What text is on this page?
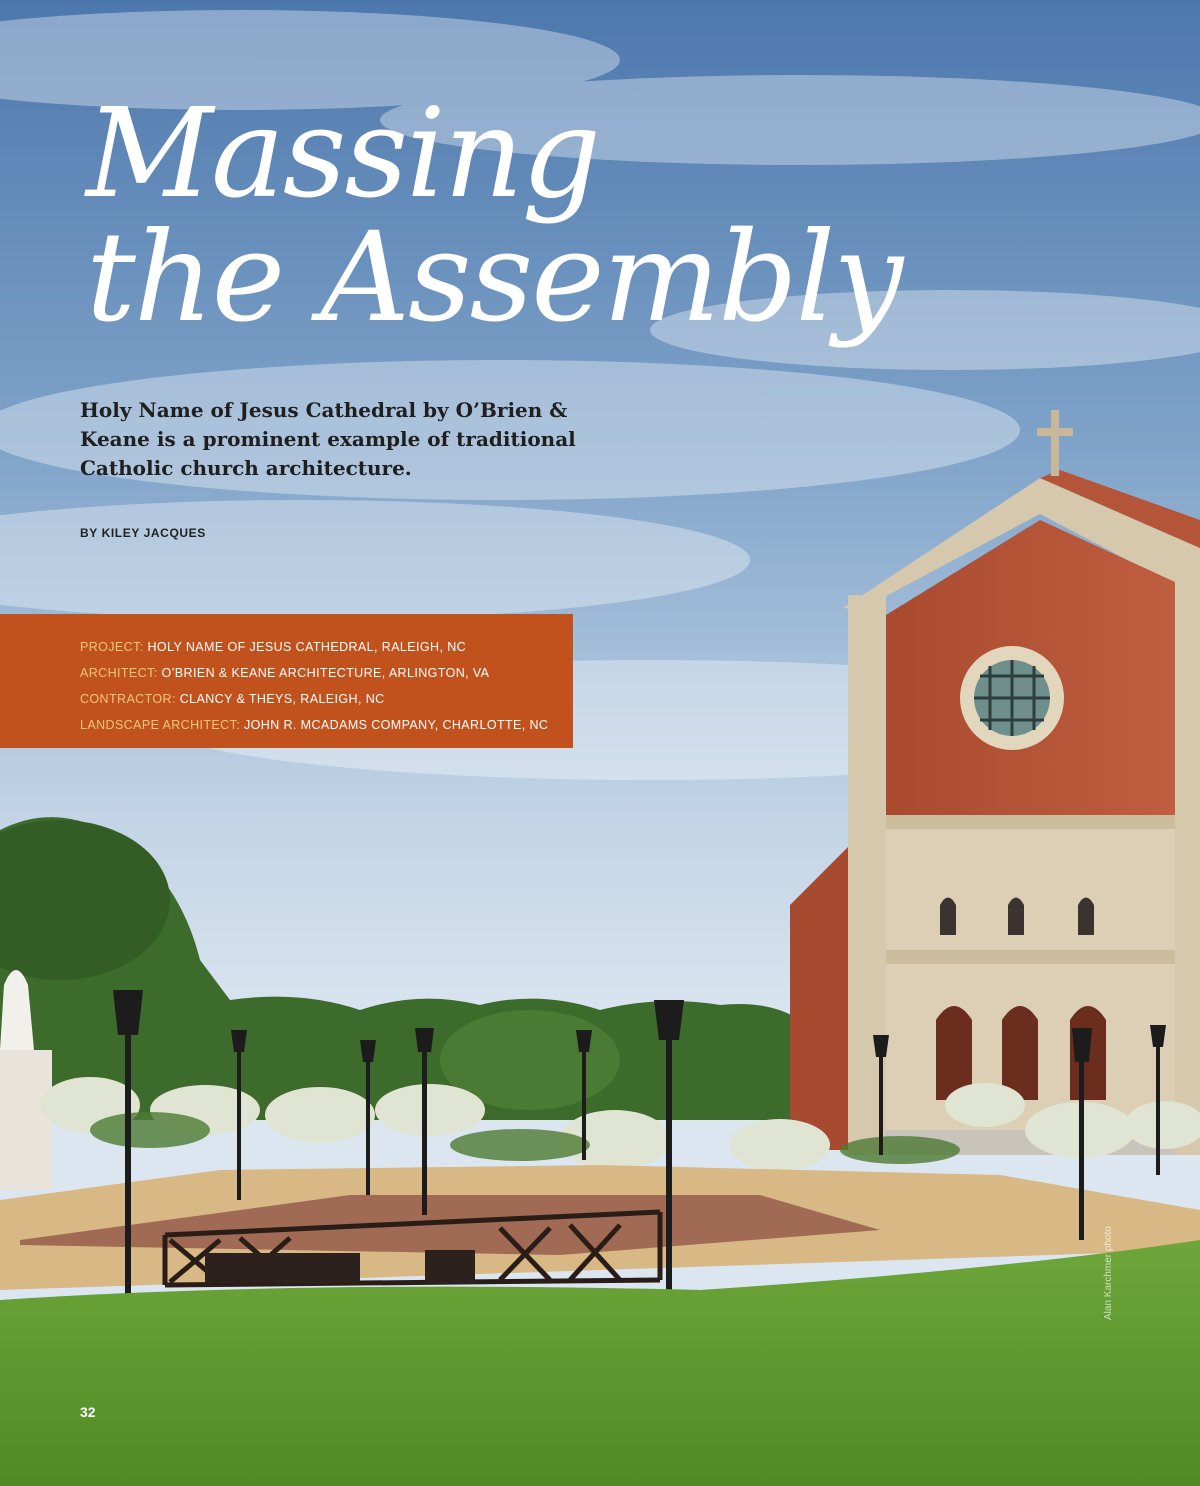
Massing
the Assembly

Holy Name of Jesus Cathedral by O’Brien & Keane is a prominent example of traditional Catholic church architecture.

BY KILEY JACQUES

PROJECT: HOLY NAME OF JESUS CATHEDRAL, RALEIGH, NC
ARCHITECT: O’BRIEN & KEANE ARCHITECTURE, ARLINGTON, VA
CONTRACTOR: CLANCY & THEYS, RALEIGH, NC
LANDSCAPE ARCHITECT: JOHN R. MCADAMS COMPANY, CHARLOTTE, NC
Alan Karchmer photo

32
